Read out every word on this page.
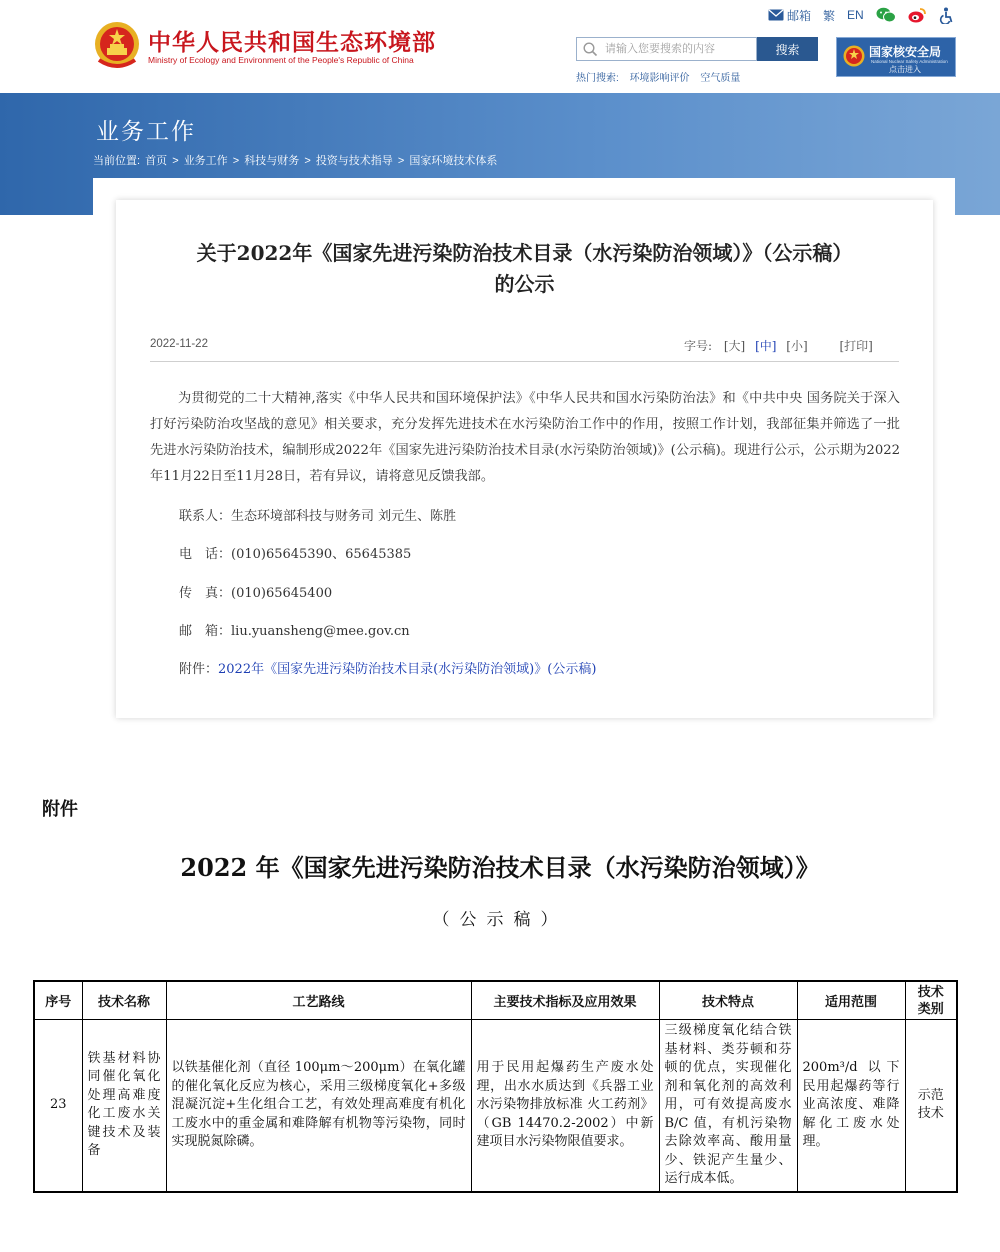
中华人民共和国生态环境部
Ministry of Ecology and Environment of the People's Republic of China
邮箱 繁 EN
请输入您要搜索的内容
搜索
热门搜索: 环境影响评价 空气质量
国家核安全局
National Nuclear Safety Administration
点击进入
业务工作
当前位置: 首页 > 业务工作 > 科技与财务 > 投资与技术指导 > 国家环境技术体系
关于2022年《国家先进污染防治技术目录（水污染防治领域）》（公示稿）
的公示
2022-11-22	字号: [大] [中] [小]	[打印]
为贯彻党的二十大精神,落实《中华人民共和国环境保护法》《中华人民共和国水污染防治法》和《中共中央 国务院关于深入打好污染防治攻坚战的意见》相关要求，充分发挥先进技术在水污染防治工作中的作用，按照工作计划，我部征集并筛选了一批先进水污染防治技术，编制形成2022年《国家先进污染防治技术目录(水污染防治领域)》(公示稿)。现进行公示，公示期为2022年11月22日至11月28日，若有异议，请将意见反馈我部。
联系人：生态环境部科技与财务司 刘元生、陈胜
电　话：(010)65645390、65645385
传　真：(010)65645400
邮　箱：liu.yuansheng@mee.gov.cn
附件：2022年《国家先进污染防治技术目录(水污染防治领域)》(公示稿)
附件
2022 年《国家先进污染防治技术目录（水污染防治领域）》
（公示稿）
序号	技术名称	工艺路线	主要技术指标及应用效果	技术特点	适用范围	技术类别
23	铁基材料协同催化氧化处理高难度化工废水关键技术及装备	以铁基催化剂（直径 100μm～200μm）在氧化罐的催化氧化反应为核心，采用三级梯度氧化+多级混凝沉淀+生化组合工艺，有效处理高难度有机化工废水中的重金属和难降解有机物等污染物，同时实现脱氮除磷。	用于民用起爆药生产废水处理，出水水质达到《兵器工业水污染物排放标准 火工药剂》（GB 14470.2-2002）中新建项目水污染物限值要求。	三级梯度氧化结合铁基材料、类芬顿和芬顿的优点，实现催化剂和氧化剂的高效利用，可有效提高废水 B/C 值，有机污染物去除效率高、酸用量少、铁泥产生量少、运行成本低。	200m³/d 以下民用起爆药等行业高浓度、难降解化工废水处理。	示范技术
